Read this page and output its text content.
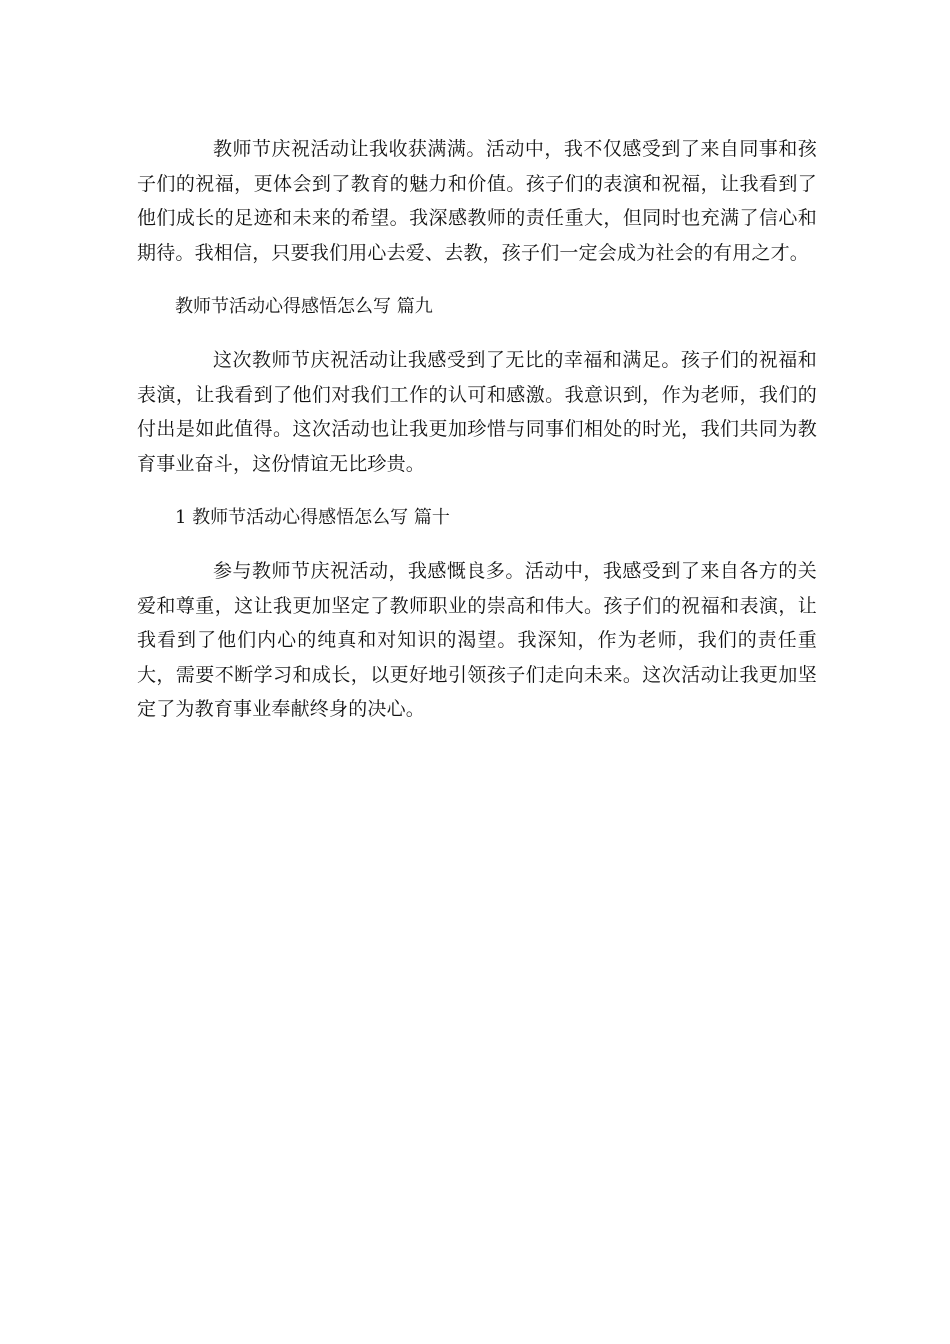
教师节庆祝活动让我收获满满。活动中，我不仅感受到了来自同事和孩子们的祝福，更体会到了教育的魅力和价值。孩子们的表演和祝福，让我看到了他们成长的足迹和未来的希望。我深感教师的责任重大，但同时也充满了信心和期待。我相信，只要我们用心去爱、去教，孩子们一定会成为社会的有用之才。

教师节活动心得感悟怎么写 篇九

这次教师节庆祝活动让我感受到了无比的幸福和满足。孩子们的祝福和表演，让我看到了他们对我们工作的认可和感激。我意识到，作为老师，我们的付出是如此值得。这次活动也让我更加珍惜与同事们相处的时光，我们共同为教育事业奋斗，这份情谊无比珍贵。

1 教师节活动心得感悟怎么写 篇十

参与教师节庆祝活动，我感慨良多。活动中，我感受到了来自各方的关爱和尊重，这让我更加坚定了教师职业的崇高和伟大。孩子们的祝福和表演，让我看到了他们内心的纯真和对知识的渴望。我深知，作为老师，我们的责任重大，需要不断学习和成长，以更好地引领孩子们走向未来。这次活动让我更加坚定了为教育事业奉献终身的决心。
